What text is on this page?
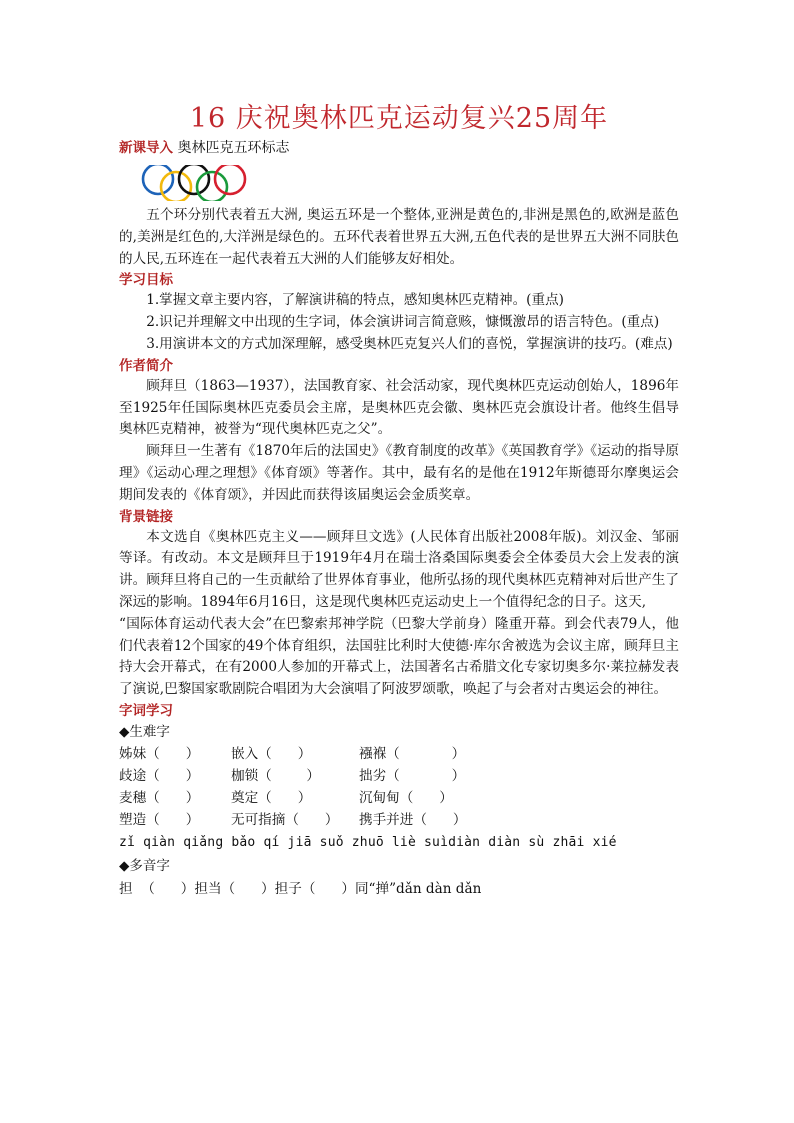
16 庆祝奥林匹克运动复兴25周年
新课导入 奥林匹克五环标志

五个环分别代表着五大洲, 奥运五环是一个整体,亚洲是黄色的,非洲是黑色的,欧洲是蓝色的,美洲是红色的,大洋洲是绿色的。五环代表着世界五大洲,五色代表的是世界五大洲不同肤色的人民,五环连在一起代表着五大洲的人们能够友好相处。

学习目标

1.掌握文章主要内容，了解演讲稿的特点，感知奥林匹克精神。(重点)

2.识记并理解文中出现的生字词，体会演讲词言简意赅，慷慨激昂的语言特色。(重点)

3.用演讲本文的方式加深理解，感受奥林匹克复兴人们的喜悦，掌握演讲的技巧。(难点)

作者简介

顾拜旦（1863—1937），法国教育家、社会活动家，现代奥林匹克运动创始人，1896年至1925年任国际奥林匹克委员会主席，是奥林匹克会徽、奥林匹克会旗设计者。他终生倡导奥林匹克精神，被誉为“现代奥林匹克之父”。

顾拜旦一生著有《1870年后的法国史》《教育制度的改革》《英国教育学》《运动的指导原理》《运动心理之理想》《体育颂》等著作。其中，最有名的是他在1912年斯德哥尔摩奥运会期间发表的《体育颂》，并因此而获得该届奥运会金质奖章。

背景链接

本文选自《奥林匹克主义——顾拜旦文选》(人民体育出版社2008年版)。刘汉金、邹丽等译。有改动。本文是顾拜旦于1919年4月在瑞士洛桑国际奥委会全体委员大会上发表的演讲。顾拜旦将自己的一生贡献给了世界体育事业，他所弘扬的现代奥林匹克精神对后世产生了深远的影响。1894年6月16日，这是现代奥林匹克运动史上一个值得纪念的日子。这天,

“国际体育运动代表大会”在巴黎索邦神学院（巴黎大学前身）隆重开幕。到会代表79人，他们代表着12个国家的49个体育组织，法国驻比利时大使德·库尔舍被选为会议主席，顾拜旦主持大会开幕式，在有2000人参加的开幕式上，法国著名古希腊文化专家切奥多尔·莱拉赫发表了演说,巴黎国家歌剧院合唱团为大会演唱了阿波罗颂歌，唤起了与会者对古奥运会的神往。

字词学习
◆生难字
姊妹（      ）	嵌入（      ）	襁褓（            ）
歧途（      ）	枷锁（        ）	拙劣（            ）
麦穗（      ）	奠定（      ）	沉甸甸（      ）
塑造（      ）	无可指摘（      ）	携手并进（      ）
zǐ qiàn qiǎng bǎo qí jiā suǒ zhuō liè suìdiàn diàn sù zhāi xié
◆多音字
担  （      ）担当（      ）担子（      ）同“掸”dǎn dàn dǎn
